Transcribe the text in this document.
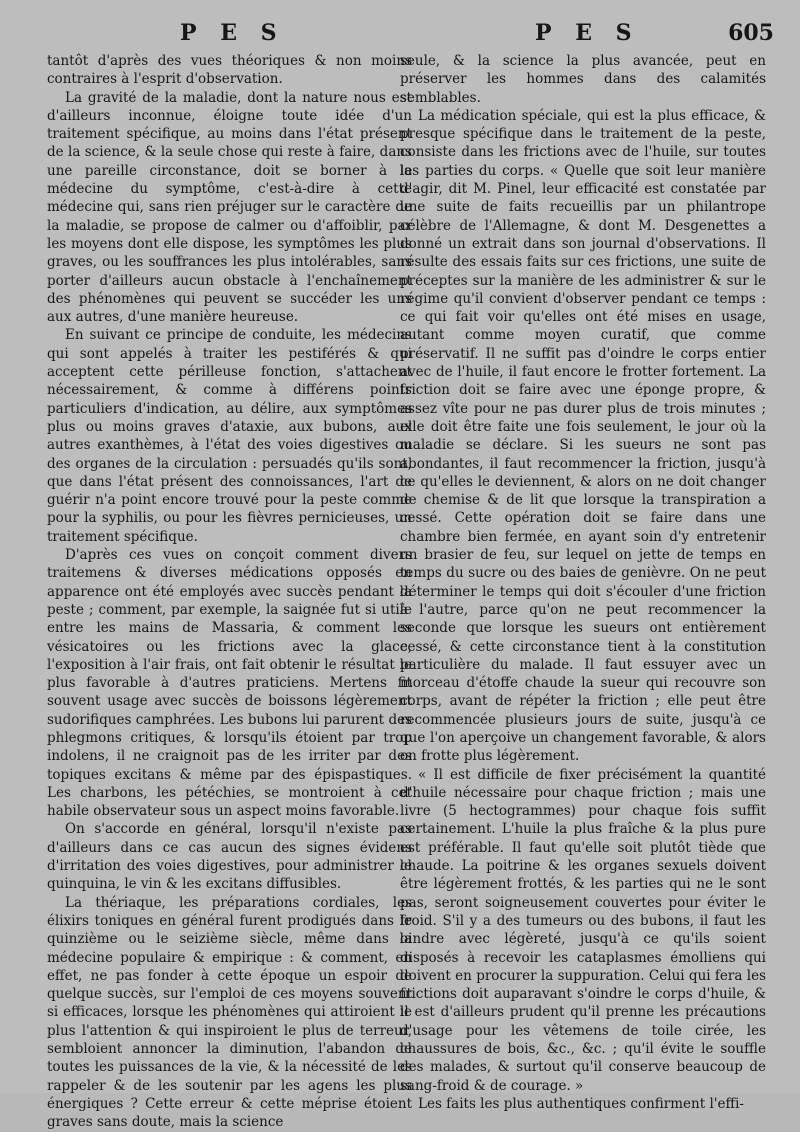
P E S	P E S	605

tantôt d'après des vues théoriques & non moins contraires à l'esprit d'observation.

La gravité de la maladie, dont la nature nous est d'ailleurs inconnue, éloigne toute idée d'un traitement spécifique, au moins dans l'état présent de la science, & la seule chose qui reste à faire, dans une pareille circonstance, doit se borner à la médecine du symptôme, c'est-à-dire à cette médecine qui, sans rien préjuger sur le caractère de la maladie, se propose de calmer ou d'affoiblir, par les moyens dont elle dispose, les symptômes les plus graves, ou les souffrances les plus intolérables, sans porter d'ailleurs aucun obstacle à l'enchaînement des phénomènes qui peuvent se succéder les uns aux autres, d'une manière heureuse.

En suivant ce principe de conduite, les médecins qui sont appelés à traiter les pestiférés & qui acceptent cette périlleuse fonction, s'attachent nécessairement, & comme à différens points particuliers d'indication, au délire, aux symptômes plus ou moins graves d'ataxie, aux bubons, aux autres exanthèmes, à l'état des voies digestives ou des organes de la circulation : persuadés qu'ils sont, que dans l'état présent des connoissances, l'art de guérir n'a point encore trouvé pour la peste comme pour la syphilis, ou pour les fièvres pernicieuses, un traitement spécifique.

D'après ces vues on conçoit comment divers traitemens & diverses médications opposés en apparence ont été employés avec succès pendant la peste ; comment, par exemple, la saignée fut si utile entre les mains de Massaria, & comment les vésicatoires ou les frictions avec la glace, l'exposition à l'air frais, ont fait obtenir le résultat le plus favorable à d'autres praticiens. Mertens fit souvent usage avec succès de boissons légèrement sudorifiques camphrées. Les bubons lui parurent des phlegmons critiques, & lorsqu'ils étoient par trop indolens, il ne craignoit pas de les irriter par des topiques excitans & même par des épispastiques. Les charbons, les pétéchies, se montroient à cet habile observateur sous un aspect moins favorable.

On s'accorde en général, lorsqu'il n'existe pas d'ailleurs dans ce cas aucun des signes évidens d'irritation des voies digestives, pour administrer le quinquina, le vin & les excitans diffusibles.

La thériaque, les préparations cordiales, les élixirs toniques en général furent prodigués dans le quinzième ou le seizième siècle, même dans la médecine populaire & empirique : & comment, en effet, ne pas fonder à cette époque un espoir de quelque succès, sur l'emploi de ces moyens souvent si efficaces, lorsque les phénomènes qui attiroient le plus l'attention & qui inspiroient le plus de terreur, sembloient annoncer la diminution, l'abandon de toutes les puissances de la vie, & la nécessité de les rappeler & de les soutenir par les agens les plus énergiques ? Cette erreur & cette méprise étoient graves sans doute, mais la science

seule, & la science la plus avancée, peut en préserver les hommes dans des calamités semblables.

La médication spéciale, qui est la plus efficace, & presque spécifique dans le traitement de la peste, consiste dans les frictions avec de l'huile, sur toutes les parties du corps. « Quelle que soit leur manière d'agir, dit M. Pinel, leur efficacité est constatée par une suite de faits recueillis par un philantrope célèbre de l'Allemagne, & dont M. Desgenettes a donné un extrait dans son journal d'observations. Il résulte des essais faits sur ces frictions, une suite de préceptes sur la manière de les administrer & sur le régime qu'il convient d'observer pendant ce temps : ce qui fait voir qu'elles ont été mises en usage, autant comme moyen curatif, que comme préservatif. Il ne suffit pas d'oindre le corps entier avec de l'huile, il faut encore le frotter fortement. La friction doit se faire avec une éponge propre, & assez vîte pour ne pas durer plus de trois minutes ; elle doit être faite une fois seulement, le jour où la maladie se déclare. Si les sueurs ne sont pas abondantes, il faut recommencer la friction, jusqu'à ce qu'elles le deviennent, & alors on ne doit changer de chemise & de lit que lorsque la transpiration a cessé. Cette opération doit se faire dans une chambre bien fermée, en ayant soin d'y entretenir un brasier de feu, sur lequel on jette de temps en temps du sucre ou des baies de genièvre. On ne peut déterminer le temps qui doit s'écouler d'une friction à l'autre, parce qu'on ne peut recommencer la seconde que lorsque les sueurs ont entièrement cessé, & cette circonstance tient à la constitution particulière du malade. Il faut essuyer avec un morceau d'étoffe chaude la sueur qui recouvre son corps, avant de répéter la friction ; elle peut être recommencée plusieurs jours de suite, jusqu'à ce que l'on aperçoive un changement favorable, & alors on frotte plus légèrement.

« Il est difficile de fixer précisément la quantité d'huile nécessaire pour chaque friction ; mais une livre (5 hectogrammes) pour chaque fois suffit certainement. L'huile la plus fraîche & la plus pure est préférable. Il faut qu'elle soit plutôt tiède que chaude. La poitrine & les organes sexuels doivent être légèrement frottés, & les parties qui ne le sont pas, seront soigneusement couvertes pour éviter le froid. S'il y a des tumeurs ou des bubons, il faut les oindre avec légèreté, jusqu'à ce qu'ils soient disposés à recevoir les cataplasmes émolliens qui doivent en procurer la suppuration. Celui qui fera les frictions doit auparavant s'oindre le corps d'huile, & il est d'ailleurs prudent qu'il prenne les précautions d'usage pour les vêtemens de toile cirée, les chaussures de bois, &c., &c. ; qu'il évite le souffle des malades, & surtout qu'il conserve beaucoup de sang-froid & de courage. »

Les faits les plus authentiques confirment l'effi-
